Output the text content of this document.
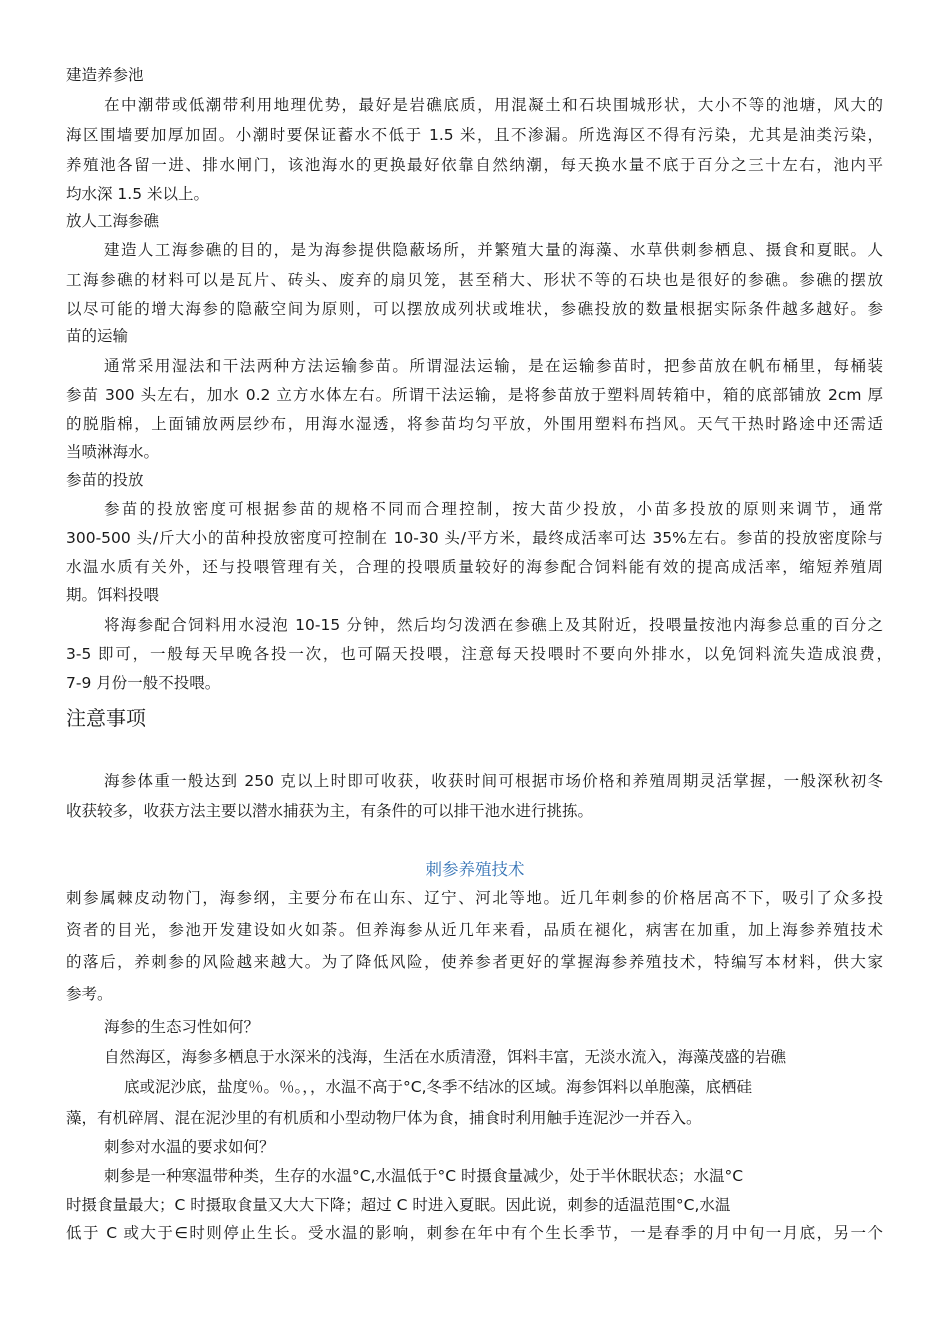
建造养参池
在中潮带或低潮带利用地理优势，最好是岩礁底质，用混凝土和石块围城形状，大小不等的池塘，风大的
海区围墙要加厚加固。小潮时要保证蓄水不低于 1.5 米，且不渗漏。所选海区不得有污染，尤其是油类污染，
养殖池各留一进、排水闸门，该池海水的更换最好依靠自然纳潮，每天换水量不底于百分之三十左右，池内平
均水深 1.5 米以上。
放人工海参礁
建造人工海参礁的目的，是为海参提供隐蔽场所，并繁殖大量的海藻、水草供刺参栖息、摄食和夏眠。人
工海参礁的材料可以是瓦片、砖头、废弃的扇贝笼，甚至稍大、形状不等的石块也是很好的参礁。参礁的摆放
以尽可能的增大海参的隐蔽空间为原则，可以摆放成列状或堆状，参礁投放的数量根据实际条件越多越好。参
苗的运输
通常采用湿法和干法两种方法运输参苗。所谓湿法运输，是在运输参苗时，把参苗放在帆布桶里，每桶装
参苗 300 头左右，加水 0.2 立方水体左右。所谓干法运输，是将参苗放于塑料周转箱中，箱的底部铺放 2cm 厚
的脱脂棉，上面铺放两层纱布，用海水湿透，将参苗均匀平放，外围用塑料布挡风。天气干热时路途中还需适
当喷淋海水。
参苗的投放
参苗的投放密度可根据参苗的规格不同而合理控制，按大苗少投放，小苗多投放的原则来调节，通常
300-500 头/斤大小的苗种投放密度可控制在 10-30 头/平方米，最终成活率可达 35%左右。参苗的投放密度除与
水温水质有关外，还与投喂管理有关，合理的投喂质量较好的海参配合饲料能有效的提高成活率，缩短养殖周
期。饵料投喂
将海参配合饲料用水浸泡 10-15 分钟，然后均匀泼洒在参礁上及其附近，投喂量按池内海参总重的百分之
3-5 即可，一般每天早晚各投一次，也可隔天投喂，注意每天投喂时不要向外排水，以免饲料流失造成浪费，
7-9 月份一般不投喂。
注意事项
海参体重一般达到 250 克以上时即可收获，收获时间可根据市场价格和养殖周期灵活掌握，一般深秋初冬
收获较多，收获方法主要以潜水捕获为主，有条件的可以排干池水进行挑拣。
刺参养殖技术
刺参属棘皮动物门，海参纲，主要分布在山东、辽宁、河北等地。近几年刺参的价格居高不下，吸引了众多投
资者的目光，参池开发建设如火如荼。但养海参从近几年来看，品质在褪化，病害在加重，加上海参养殖技术
的落后，养刺参的风险越来越大。为了降低风险，使养参者更好的掌握海参养殖技术，特编写本材料，供大家
参考。
海参的生态习性如何？
自然海区，海参多栖息于水深米的浅海，生活在水质清澄，饵料丰富，无淡水流入，海藻茂盛的岩礁
底或泥沙底，盐度％。％。，，水温不高于°C,冬季不结冰的区域。海参饵料以单胞藻，底栖硅
藻，有机碎屑、混在泥沙里的有机质和小型动物尸体为食，捕食时利用触手连泥沙一并吞入。
刺参对水温的要求如何？
刺参是一种寒温带种类，生存的水温°C,水温低于°C 时摄食量减少，处于半休眠状态；水温°C
时摄食量最大；C 时摄取食量又大大下降；超过 C 时进入夏眠。因此说，刺参的适温范围°C,水温
低于 C 或大于∈时则停止生长。受水温的影响，刺参在年中有个生长季节，一是春季的月中旬一月底，另一个
